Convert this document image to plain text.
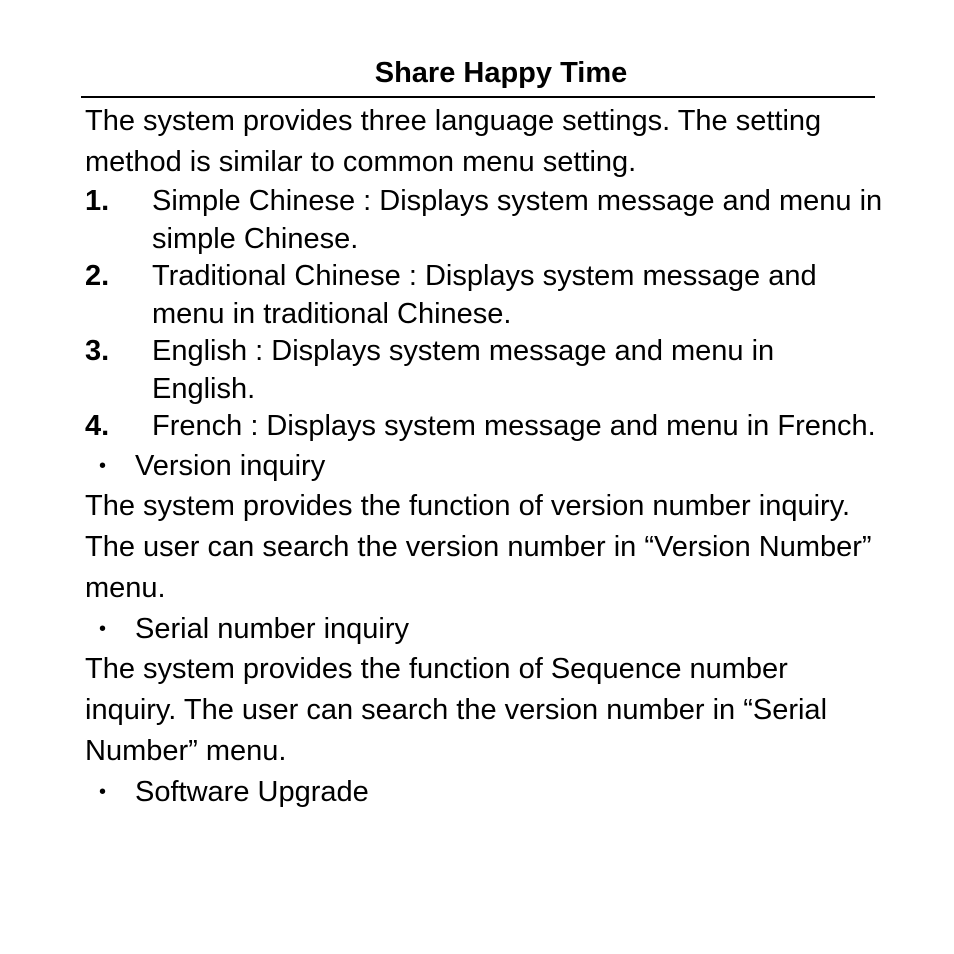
Share Happy Time

The system provides three language settings. The setting method is similar to common menu setting.

1.	Simple Chinese : Displays system message and menu in simple Chinese.
2.	Traditional Chinese : Displays system message and menu in traditional Chinese.
3.	English : Displays system message and menu in English.
4.	French : Displays system message and menu in French.
• Version inquiry

The system provides the function of version number inquiry. The user can search the version number in “Version Number” menu.

• Serial number inquiry

The system provides the function of Sequence number inquiry. The user can search the version number in “Serial Number” menu.

• Software Upgrade
